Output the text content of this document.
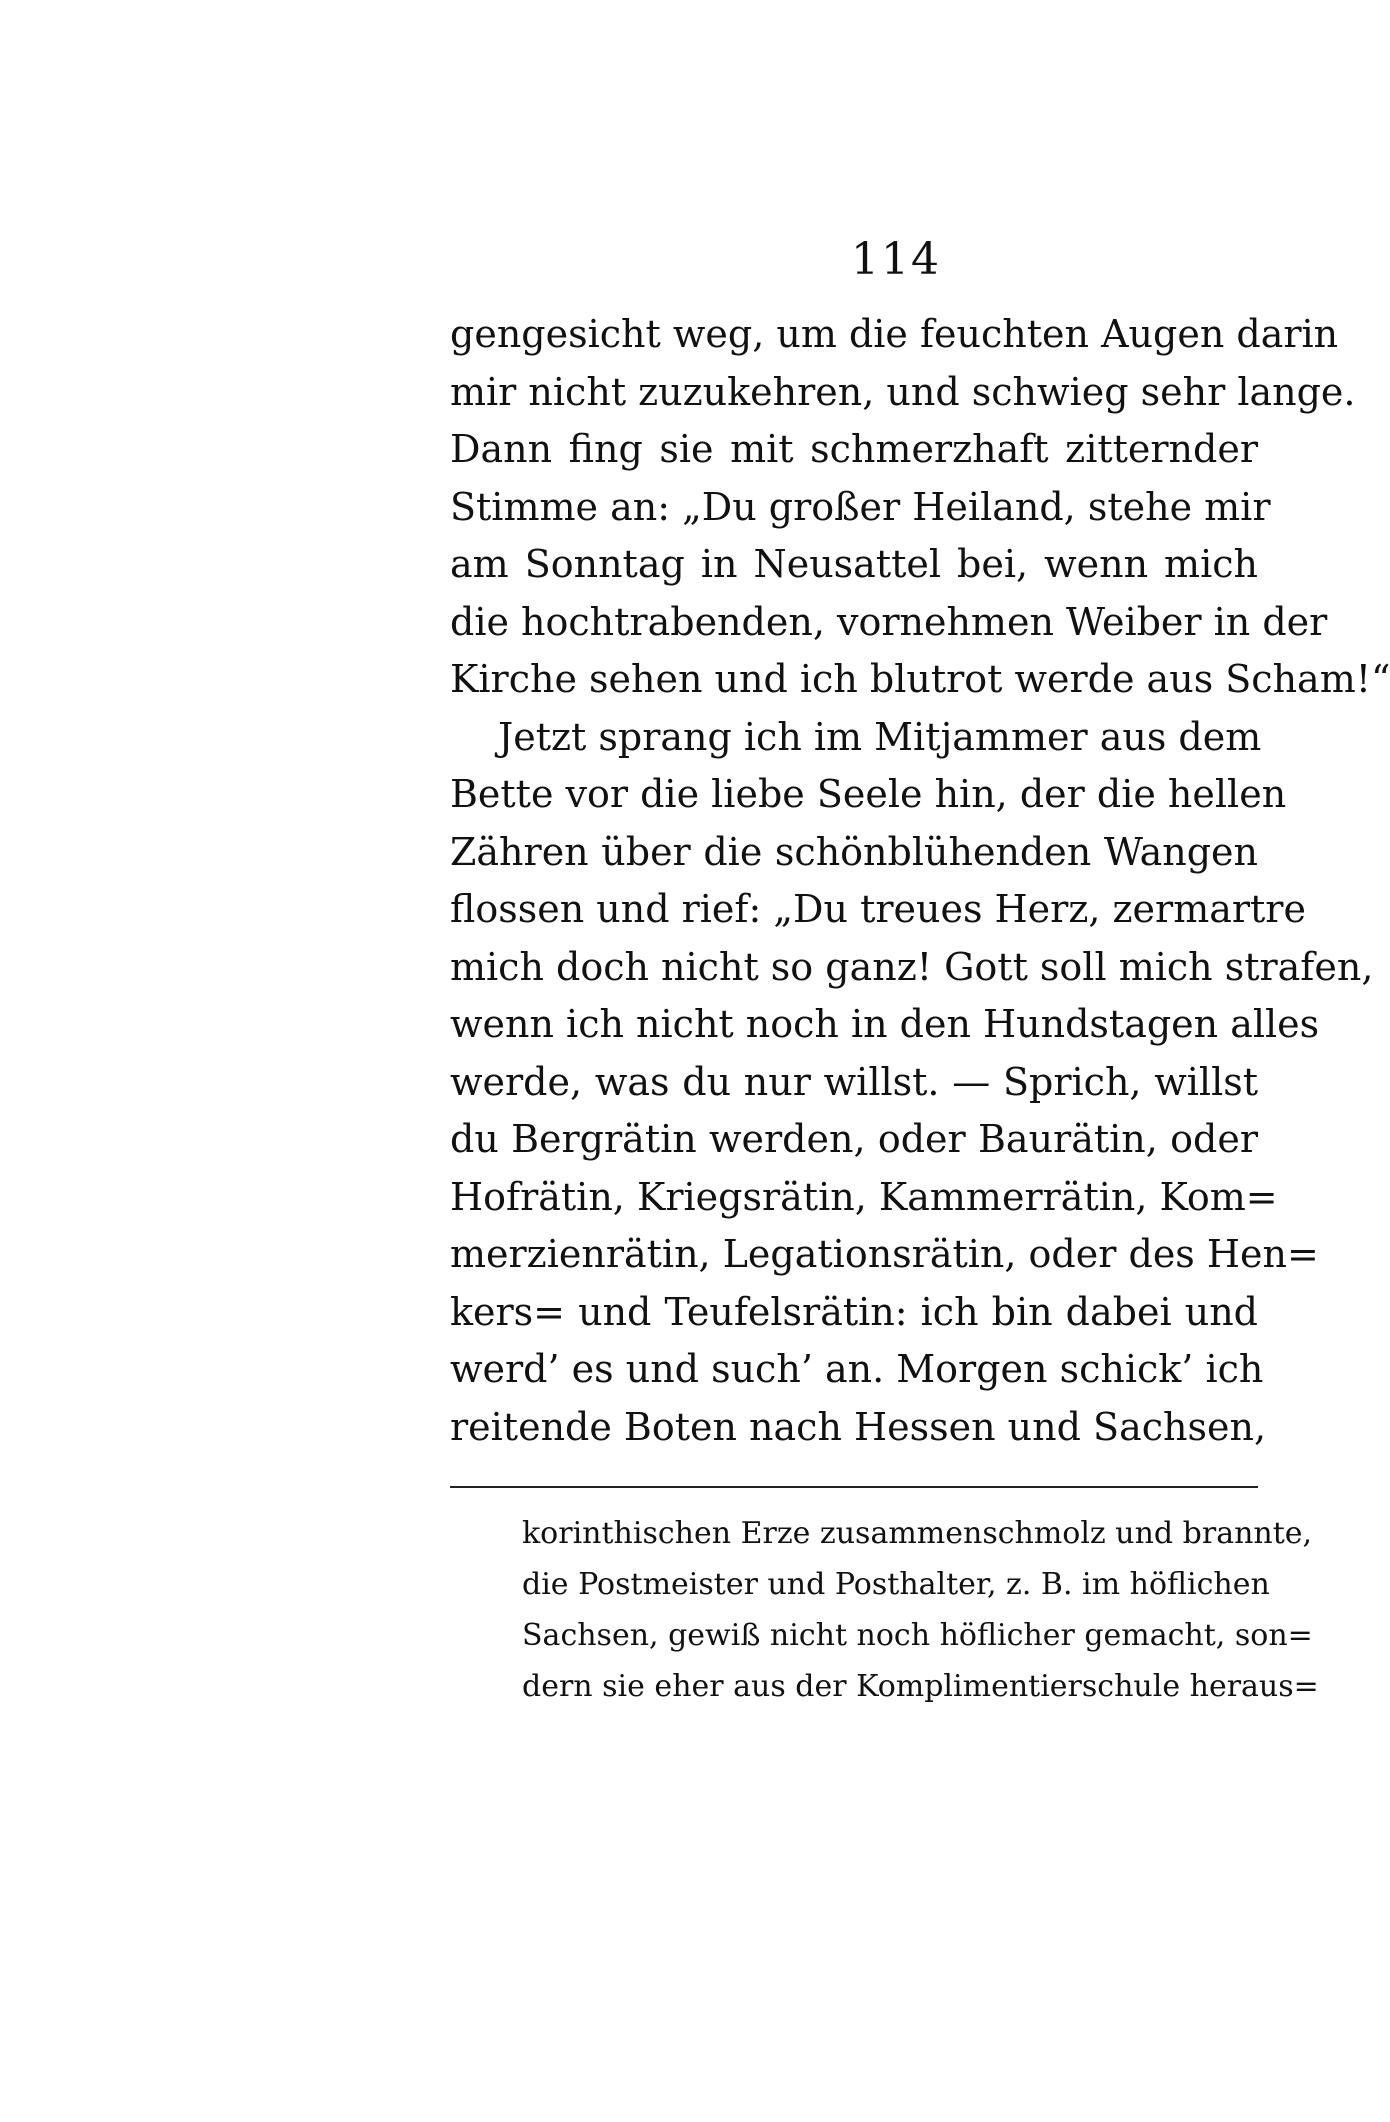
114
gengesicht weg, um die feuchten Augen darin
mir nicht zuzukehren, und schwieg sehr lange.
Dann fing sie mit schmerzhaft zitternder
Stimme an: „Du großer Heiland, stehe mir
am Sonntag in Neusattel bei, wenn mich
die hochtrabenden, vornehmen Weiber in der
Kirche sehen und ich blutrot werde aus Scham!“
Jetzt sprang ich im Mitjammer aus dem
Bette vor die liebe Seele hin, der die hellen
Zähren über die schönblühenden Wangen
flossen und rief: „Du treues Herz, zermartre
mich doch nicht so ganz! Gott soll mich strafen,
wenn ich nicht noch in den Hundstagen alles
werde, was du nur willst. — Sprich, willst
du Bergrätin werden, oder Baurätin, oder
Hofrätin, Kriegsrätin, Kammerrätin, Kom=
merzienrätin, Legationsrätin, oder des Hen=
kers= und Teufelsrätin: ich bin dabei und
werd’ es und such’ an. Morgen schick’ ich
reitende Boten nach Hessen und Sachsen,
korinthischen Erze zusammenschmolz und brannte,
die Postmeister und Posthalter, z. B. im höflichen
Sachsen, gewiß nicht noch höflicher gemacht, son=
dern sie eher aus der Komplimentierschule heraus=
